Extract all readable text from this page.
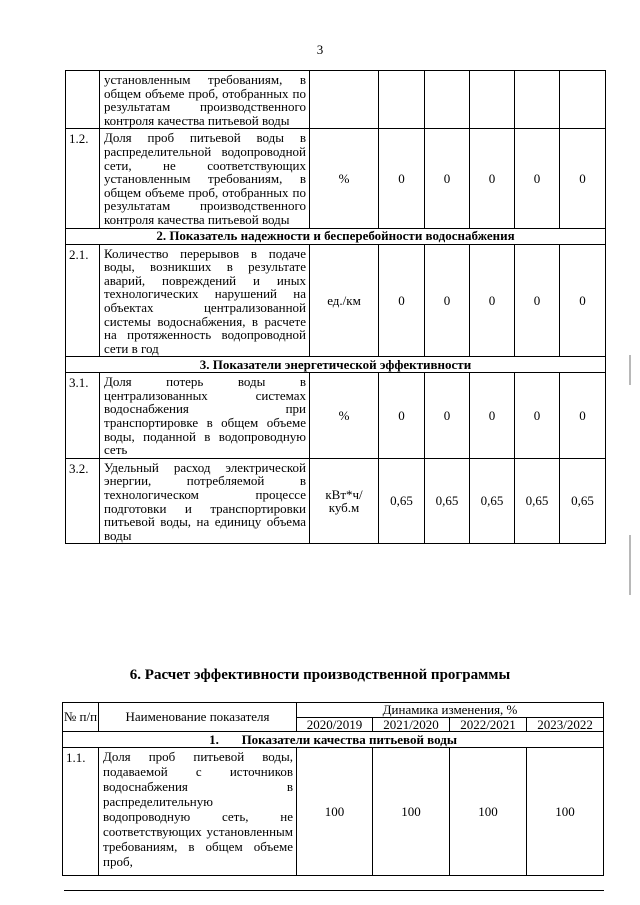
3
	установленным требованиям, в общем объеме проб, отобранных по результатам производственного контроля качества питьевой воды						
1.2.	Доля проб питьевой воды в распределительной водопроводной сети, не соответствующих установленным требованиям, в общем объеме проб, отобранных по результатам производственного контроля качества питьевой воды	%	0	0	0	0	0
2. Показатель надежности и бесперебойности водоснабжения							
2.1.	Количество перерывов в подаче воды, возникших в результате аварий, повреждений и иных технологических нарушений на объектах централизованной системы водоснабжения, в расчете на протяженность водопроводной сети в год	ед./км	0	0	0	0	0
3. Показатели энергетической эффективности							
3.1.	Доля потерь воды в централизованных системах водоснабжения при транспортировке в общем объеме воды, поданной в водопроводную сеть	%	0	0	0	0	0
3.2.	Удельный расход электрической энергии, потребляемой в технологическом процессе подготовки и транспортировки питьевой воды, на единицу объема воды	кВт*ч/ куб.м	0,65	0,65	0,65	0,65	0,65
6. Расчет эффективности производственной программы
№ п/п	Наименование показателя	Динамика изменения, %			
		2020/2019	2021/2020	2022/2021	2023/2022
1. Показатели качества питьевой воды					
1.1.	Доля проб питьевой воды, подаваемой с источников водоснабжения в распределительную водопроводную сеть, не соответствующих установленным требованиям, в общем объеме проб,	100	100	100	100
